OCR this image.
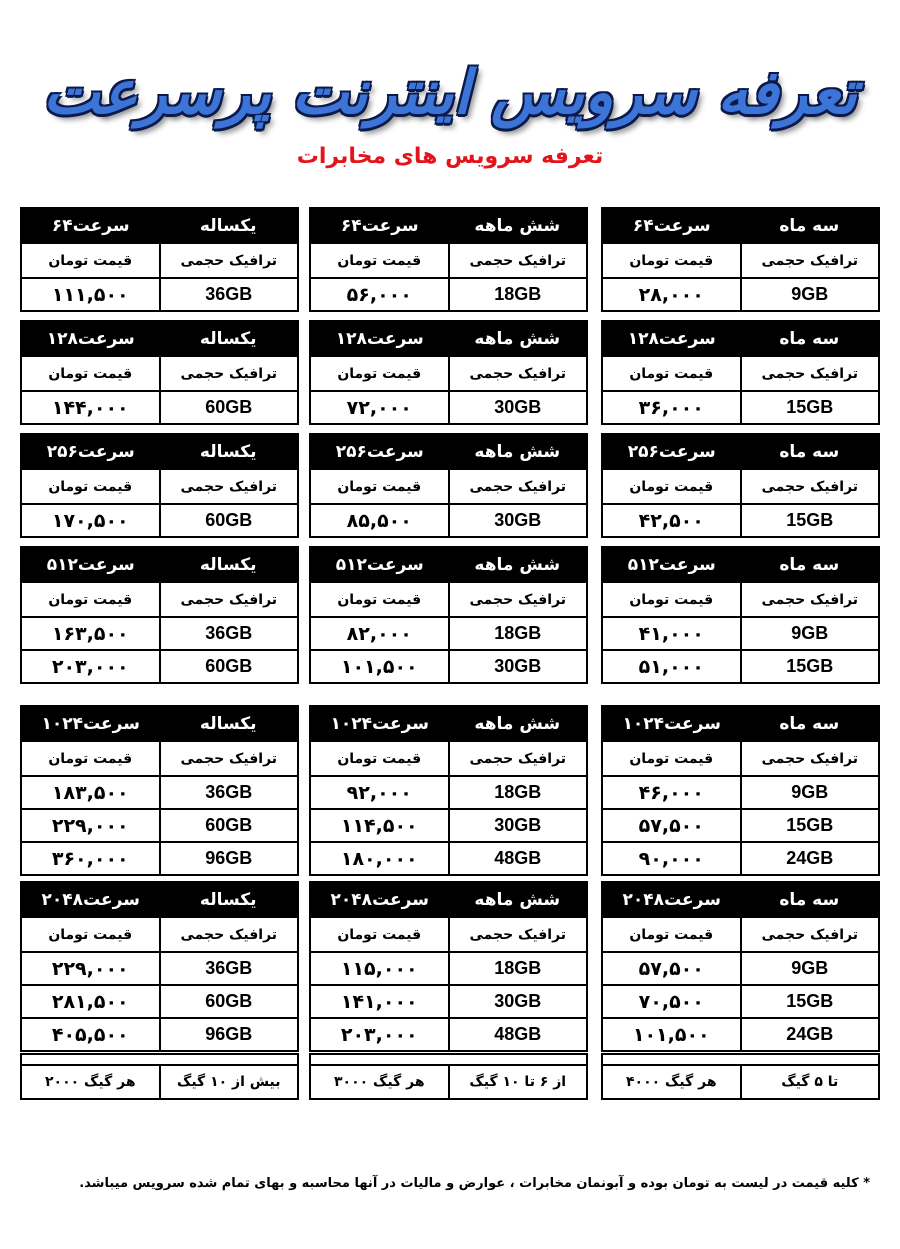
تعرفه سرویس اینترنت پرسرعت
تعرفه سرویس های مخابرات
سه ماه
سرعت۶۴
ترافیک حجمی
قیمت تومان
9GB
۲۸,۰۰۰
شش ماهه
سرعت۶۴
ترافیک حجمی
قیمت تومان
18GB
۵۶,۰۰۰
یکساله
سرعت۶۴
ترافیک حجمی
قیمت تومان
36GB
۱۱۱,۵۰۰
سه ماه
سرعت۱۲۸
ترافیک حجمی
قیمت تومان
15GB
۳۶,۰۰۰
شش ماهه
سرعت۱۲۸
ترافیک حجمی
قیمت تومان
30GB
۷۲,۰۰۰
یکساله
سرعت۱۲۸
ترافیک حجمی
قیمت تومان
60GB
۱۴۴,۰۰۰
سه ماه
سرعت۲۵۶
ترافیک حجمی
قیمت تومان
15GB
۴۲,۵۰۰
شش ماهه
سرعت۲۵۶
ترافیک حجمی
قیمت تومان
30GB
۸۵,۵۰۰
یکساله
سرعت۲۵۶
ترافیک حجمی
قیمت تومان
60GB
۱۷۰,۵۰۰
سه ماه
سرعت۵۱۲
ترافیک حجمی
قیمت تومان
9GB
۴۱,۰۰۰
15GB
۵۱,۰۰۰
شش ماهه
سرعت۵۱۲
ترافیک حجمی
قیمت تومان
18GB
۸۲,۰۰۰
30GB
۱۰۱,۵۰۰
یکساله
سرعت۵۱۲
ترافیک حجمی
قیمت تومان
36GB
۱۶۳,۵۰۰
60GB
۲۰۳,۰۰۰
سه ماه
سرعت۱۰۲۴
ترافیک حجمی
قیمت تومان
9GB
۴۶,۰۰۰
15GB
۵۷,۵۰۰
24GB
۹۰,۰۰۰
شش ماهه
سرعت۱۰۲۴
ترافیک حجمی
قیمت تومان
18GB
۹۲,۰۰۰
30GB
۱۱۴,۵۰۰
48GB
۱۸۰,۰۰۰
یکساله
سرعت۱۰۲۴
ترافیک حجمی
قیمت تومان
36GB
۱۸۳,۵۰۰
60GB
۲۲۹,۰۰۰
96GB
۳۶۰,۰۰۰
سه ماه
سرعت۲۰۴۸
ترافیک حجمی
قیمت تومان
9GB
۵۷,۵۰۰
15GB
۷۰,۵۰۰
24GB
۱۰۱,۵۰۰
شش ماهه
سرعت۲۰۴۸
ترافیک حجمی
قیمت تومان
18GB
۱۱۵,۰۰۰
30GB
۱۴۱,۰۰۰
48GB
۲۰۳,۰۰۰
یکساله
سرعت۲۰۴۸
ترافیک حجمی
قیمت تومان
36GB
۲۲۹,۰۰۰
60GB
۲۸۱,۵۰۰
96GB
۴۰۵,۵۰۰
تا ۵ گیگ
هر گیگ ۴۰۰۰
از ۶ تا ۱۰ گیگ
هر گیگ ۳۰۰۰
بیش از ۱۰ گیگ
هر گیگ ۲۰۰۰
* کلیه قیمت در لیست به تومان بوده و آبونمان مخابرات ، عوارض و مالیات در آنها محاسبه و بهای تمام شده سرویس میباشد.
